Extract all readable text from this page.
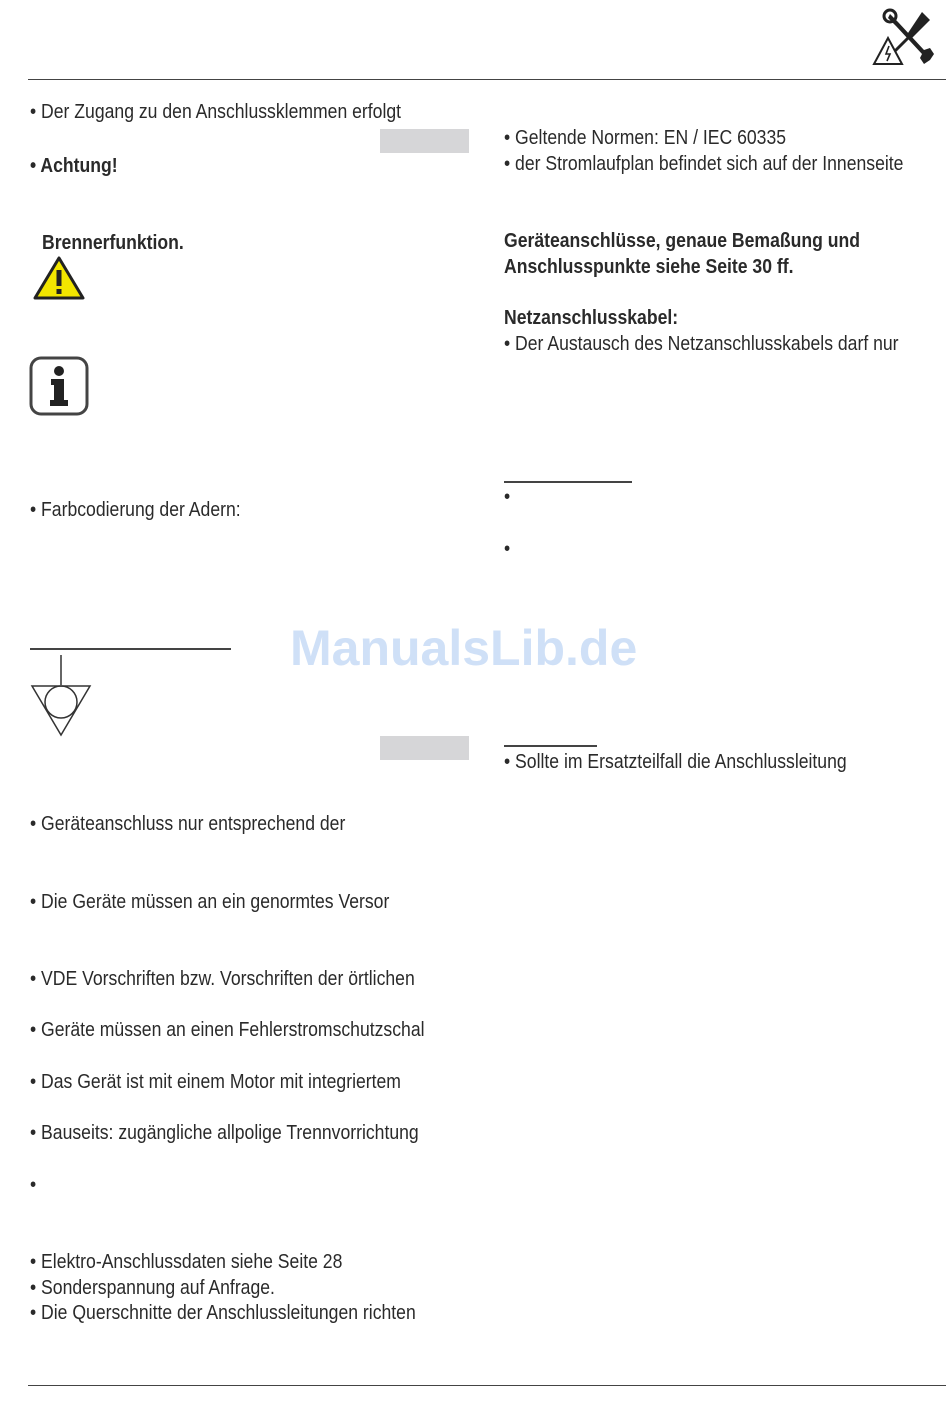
• Der Zugang zu den Anschlussklemmen erfolgt
• Achtung!
Brennerfunktion.
• Farbcodierung der Adern:
• Geräteanschluss nur entsprechend der
• Die Geräte müssen an ein genormtes Versor
• VDE Vorschriften bzw. Vorschriften der örtlichen
• Geräte müssen an einen Fehlerstromschutzschal
• Das Gerät ist mit einem Motor mit integriertem
• Bauseits: zugängliche allpolige Trennvorrichtung
•
• Elektro-Anschlussdaten siehe Seite 28
• Sonderspannung auf Anfrage.
• Die Querschnitte der Anschlussleitungen richten
• Geltende Normen: EN / IEC 60335
• der Stromlaufplan befindet sich auf der Innenseite
Geräteanschlüsse, genaue Bemaßung und
Anschlusspunkte siehe Seite 30 ff.
Netzanschlusskabel:
• Der Austausch des Netzanschlusskabels darf nur
•
•
• Sollte im Ersatzteilfall die Anschlussleitung
ManualsLib.de
